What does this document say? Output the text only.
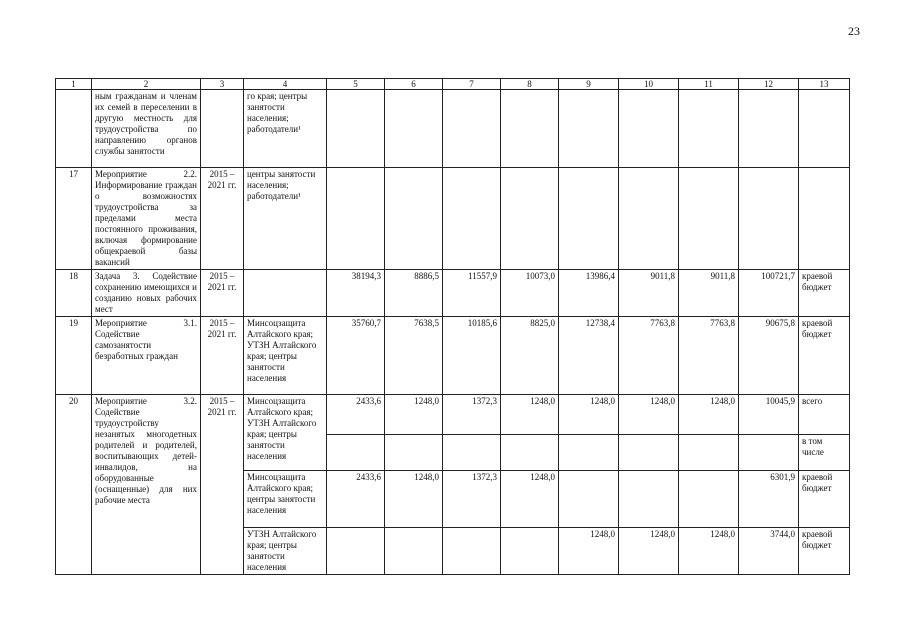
23
1	2	3	4	5	6	7	8	9	10	11	12	13
	ным гражданам и членам их семей в переселении в другую местность для трудоустройства по направлению органов службы занятости		го края; центры занятости населения; работодатели¹									
17	Мероприятие 2.2. Информирование граждан о возможностях трудоустройства за пределами места постоянного проживания, включая формирование общекраевой базы вакансий	2015 – 2021 гг.	центры занятости населения; работодатели¹									
18	Задача 3. Содействие сохранению имеющихся и созданию новых рабочих мест	2015 – 2021 гг.		38194,3	8886,5	11557,9	10073,0	13986,4	9011,8	9011,8	100721,7	краевой бюджет
19	Мероприятие 3.1. Содействие самозанятости безработных граждан	2015 – 2021 гг.	Минсоцзащита Алтайского края; УТЗН Алтайского края; центры занятости населения	35760,7	7638,5	10185,6	8825,0	12738,4	7763,8	7763,8	90675,8	краевой бюджет
20	Мероприятие 3.2. Содействие трудоустройству незанятых многодетных родителей и родителей, воспитывающих детей-инвалидов, на оборудованные (оснащенные) для них рабочие места	2015 – 2021 гг.	Минсоцзащита Алтайского края; УТЗН Алтайского края; центры занятости населения	2433,6	1248,0	1372,3	1248,0	1248,0	1248,0	1248,0	10045,9	всего
												в том числе
			Минсоцзащита Алтайского края; центры занятости населения	2433,6	1248,0	1372,3	1248,0				6301,9	краевой бюджет
			УТЗН Алтайского края; центры занятости населения					1248,0	1248,0	1248,0	3744,0	краевой бюджет
